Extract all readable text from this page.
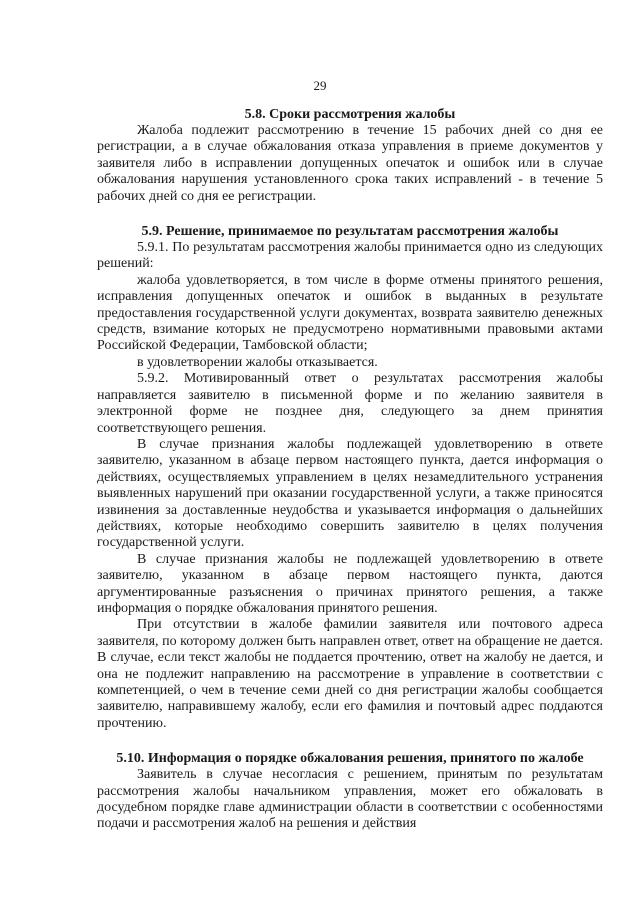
29
5.8. Сроки рассмотрения жалобы

Жалоба подлежит рассмотрению в течение 15 рабочих дней со дня ее регистрации, а в случае обжалования отказа управления в приеме документов у заявителя либо в исправлении допущенных опечаток и ошибок или в случае обжалования нарушения установленного срока таких исправлений - в течение 5 рабочих дней со дня ее регистрации.

5.9. Решение, принимаемое по результатам рассмотрения жалобы

5.9.1. По результатам рассмотрения жалобы принимается одно из следующих решений:

жалоба удовлетворяется, в том числе в форме отмены принятого решения, исправления допущенных опечаток и ошибок в выданных в результате предоставления государственной услуги документах, возврата заявителю денежных средств, взимание которых не предусмотрено нормативными правовыми актами Российской Федерации, Тамбовской области;

в удовлетворении жалобы отказывается.

5.9.2. Мотивированный ответ о результатах рассмотрения жалобы направляется заявителю в письменной форме и по желанию заявителя в электронной форме не позднее дня, следующего за днем принятия соответствующего решения.

В случае признания жалобы подлежащей удовлетворению в ответе заявителю, указанном в абзаце первом настоящего пункта, дается информация о действиях, осуществляемых управлением в целях незамедлительного устранения выявленных нарушений при оказании государственной услуги, а также приносятся извинения за доставленные неудобства и указывается информация о дальнейших действиях, которые необходимо совершить заявителю в целях получения государственной услуги.

В случае признания жалобы не подлежащей удовлетворению в ответе заявителю, указанном в абзаце первом настоящего пункта, даются аргументированные разъяснения о причинах принятого решения, а также информация о порядке обжалования принятого решения.

При отсутствии в жалобе фамилии заявителя или почтового адреса заявителя, по которому должен быть направлен ответ, ответ на обращение не дается. В случае, если текст жалобы не поддается прочтению, ответ на жалобу не дается, и она не подлежит направлению на рассмотрение в управление в соответствии с компетенцией, о чем в течение семи дней со дня регистрации жалобы сообщается заявителю, направившему жалобу, если его фамилия и почтовый адрес поддаются прочтению.

5.10. Информация о порядке обжалования решения, принятого по жалобе

Заявитель в случае несогласия с решением, принятым по результатам рассмотрения жалобы начальником управления, может его обжаловать в досудебном порядке главе администрации области в соответствии с особенностями подачи и рассмотрения жалоб на решения и действия
